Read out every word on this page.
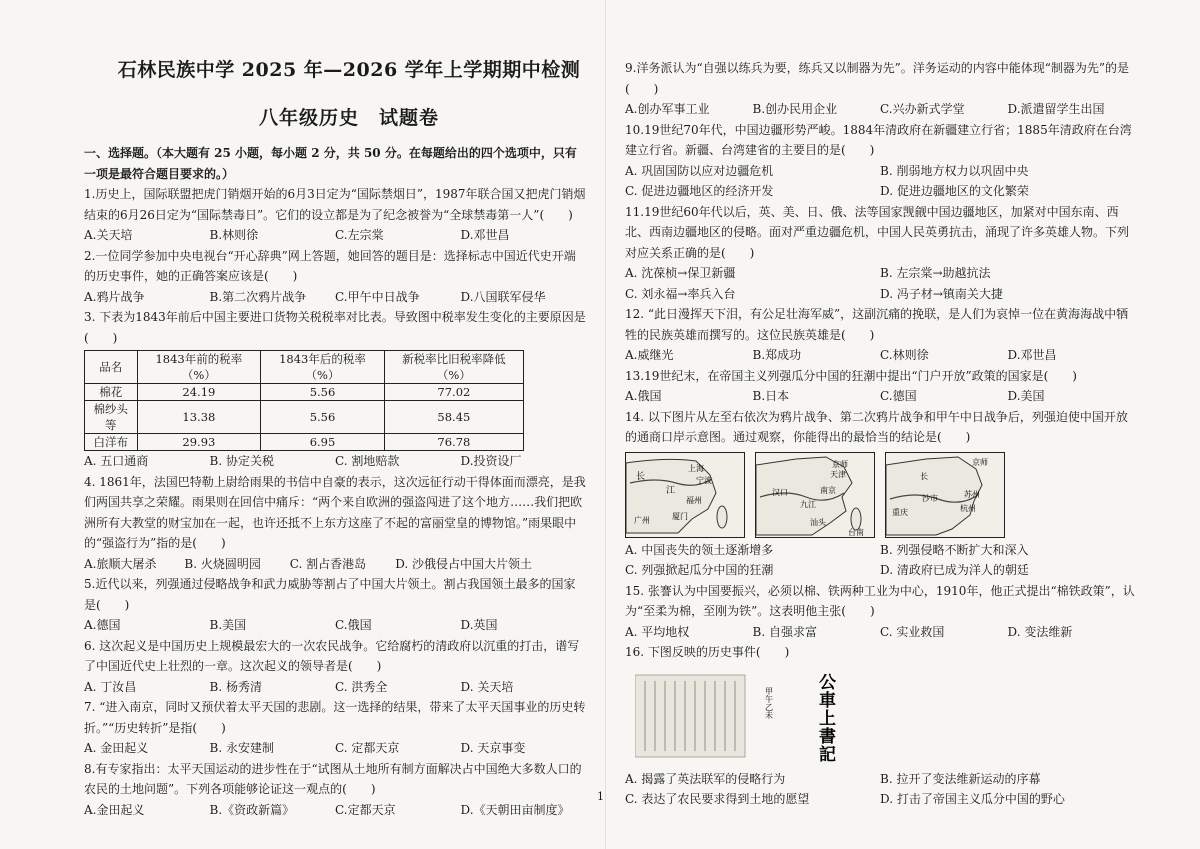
石林民族中学 2025 年—2026 学年上学期期中检测
八年级历史　试题卷

一、选择题。（本大题有 25 小题，每小题 2 分，共 50 分。在每题给出的四个选项中，只有一项是最符合题目要求的。）

1.历史上，国际联盟把虎门销烟开始的6月3日定为“国际禁烟日”，1987年联合国又把虎门销烟结束的6月26日定为“国际禁毒日”。它们的设立都是为了纪念被誉为“全球禁毒第一人”(　　)

A.关天培	B.林则徐	C.左宗棠	D.邓世昌

2.一位同学参加中央电视台“开心辞典”网上答题，她回答的题目是：选择标志中国近代史开端的历史事件，她的正确答案应该是(　　)

A.鸦片战争	B.第二次鸦片战争	C.甲午中日战争	D.八国联军侵华

3. 下表为1843年前后中国主要进口货物关税税率对比表。导致图中税率发生变化的主要原因是(　　)

品名	1843年前的税率（%）	1843年后的税率（%）	新税率比旧税率降低（%）
棉花	24.19	5.56	77.02
棉纱头等	13.38	5.56	58.45
白洋布	29.93	6.95	76.78
A. 五口通商	B. 协定关税	C. 割地赔款	D.投资设厂

4. 1861年，法国巴特勒上尉给雨果的书信中自豪的表示，这次远征行动干得体面而漂亮，是我们两国共享之荣耀。雨果则在回信中痛斥：“两个来自欧洲的强盗闯进了这个地方……我们把欧洲所有大教堂的财宝加在一起，也许还抵不上东方这座了不起的富丽堂皇的博物馆。”雨果眼中的“强盗行为”指的是(　　)

A.旅顺大屠杀	B. 火烧圆明园	C. 割占香港岛	D. 沙俄侵占中国大片领土

5.近代以来，列强通过侵略战争和武力威胁等割占了中国大片领土。割占我国领土最多的国家是(　　)

A.德国	B.美国	C.俄国	D.英国

6. 这次起义是中国历史上规模最宏大的一次农民战争。它给腐朽的清政府以沉重的打击，谱写了中国近代史上壮烈的一章。这次起义的领导者是(　　)

A. 丁汝昌	B. 杨秀清	C. 洪秀全	D. 关天培

7. “进入南京，同时又预伏着太平天国的悲剧。这一选择的结果，带来了太平天国事业的历史转折。”“历史转折”是指(　　)

A. 金田起义	B. 永安建制	C. 定都天京	D. 天京事变

8.有专家指出：太平天国运动的进步性在于“试图从土地所有制方面解决占中国绝大多数人口的农民的土地问题”。下列各项能够论证这一观点的(　　)

A.金田起义	B.《资政新篇》	C.定都天京	D.《天朝田亩制度》

9.洋务派认为“自强以练兵为要，练兵又以制器为先”。洋务运动的内容中能体现“制器为先”的是(　　)

A.创办军事工业	B.创办民用企业	C.兴办新式学堂	D.派遣留学生出国

10.19世纪70年代，中国边疆形势严峻。1884年清政府在新疆建立行省；1885年清政府在台湾建立行省。新疆、台湾建省的主要目的是(　　)

A. 巩固国防以应对边疆危机	B. 削弱地方权力以巩固中央
C. 促进边疆地区的经济开发	D. 促进边疆地区的文化繁荣

11.19世纪60年代以后，英、美、日、俄、法等国家觊觎中国边疆地区，加紧对中国东南、西北、西南边疆地区的侵略。面对严重边疆危机，中国人民英勇抗击，涌现了许多英雄人物。下列对应关系正确的是(　　)

A. 沈葆桢→保卫新疆	B. 左宗棠→助越抗法
C. 刘永福→率兵入台	D. 冯子材→镇南关大捷

12. “此日漫挥天下泪，有公足壮海军威”，这副沉痛的挽联，是人们为哀悼一位在黄海海战中牺牲的民族英雄而撰写的。这位民族英雄是(　　)

A.威继光	B.郑成功	C.林则徐	D.邓世昌

13.19世纪末，在帝国主义列强瓜分中国的狂潮中提出“门户开放”政策的国家是(　　)

A.俄国	B.日本	C.德国	D.美国

14. 以下图片从左至右依次为鸦片战争、第二次鸦片战争和甲午中日战争后，列强迫使中国开放的通商口岸示意图。通过观察，你能得出的最恰当的结论是(　　)

长
江
上海
宁波
福州
厦门
广州
京师
天津
汉口
九江
南京
汕头
台南
京师
长
沙市	苏州
重庆	杭州
A. 中国丧失的领土逐渐增多	B. 列强侵略不断扩大和深入
C. 列强掀起瓜分中国的狂潮	D. 清政府已成为洋人的朝廷

15. 张謇认为中国要振兴，必须以棉、铁两种工业为中心，1910年，他正式提出“棉铁政策”，认为“至柔为棉，至刚为铁”。这表明他主张(　　)

A. 平均地权	B. 自强求富	C. 实业救国	D. 变法维新

16. 下图反映的历史事件(　　)

甲午乙未 公車上書記
A. 揭露了英法联军的侵略行为	B. 拉开了变法维新运动的序幕
C. 表达了农民要求得到土地的愿望	D. 打击了帝国主义瓜分中国的野心
1
